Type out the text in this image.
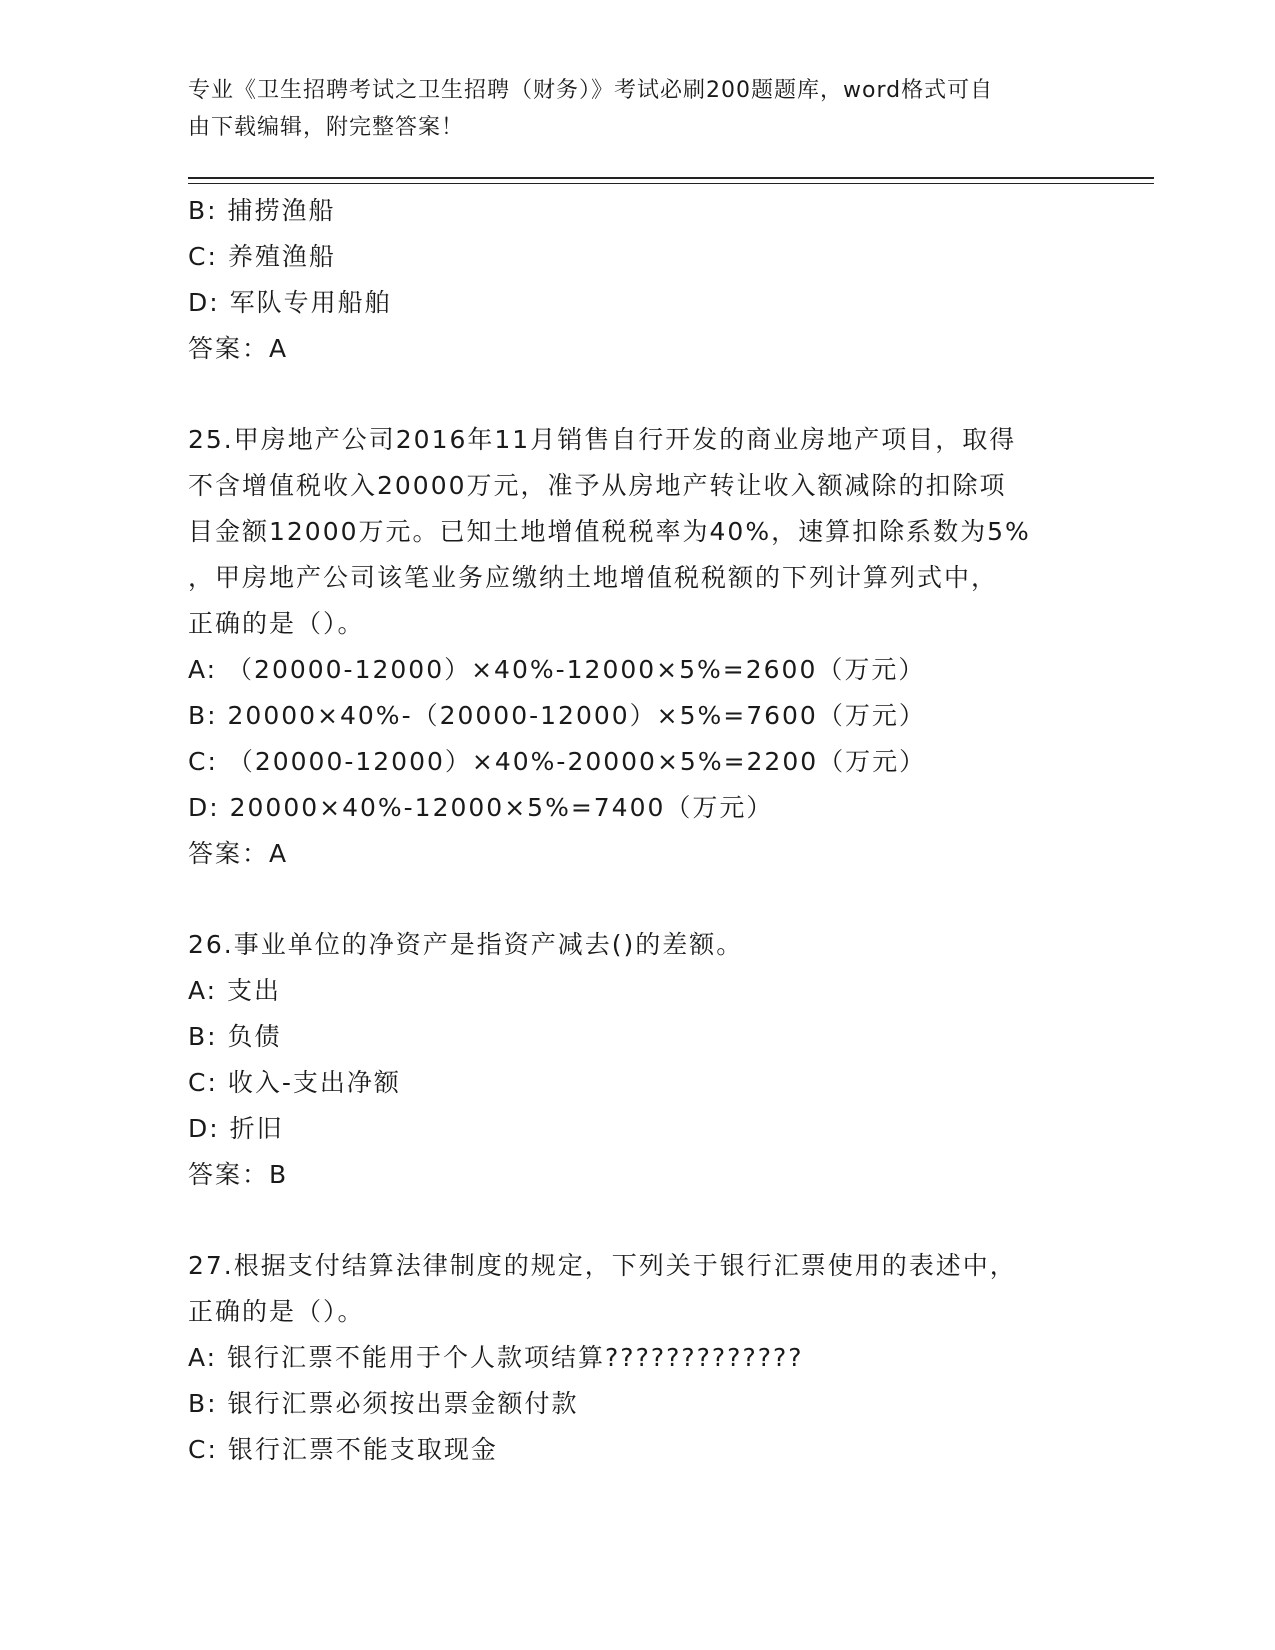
专业《卫生招聘考试之卫生招聘（财务）》考试必刷200题题库，word格式可自
由下载编辑，附完整答案！
B: 捕捞渔船
C: 养殖渔船
D: 军队专用船舶
答案：A
25.甲房地产公司2016年11月销售自行开发的商业房地产项目，取得
不含增值税收入20000万元，准予从房地产转让收入额减除的扣除项
目金额12000万元。已知土地增值税税率为40%，速算扣除系数为5%
，甲房地产公司该笔业务应缴纳土地增值税税额的下列计算列式中，
正确的是（）。
A: （20000-12000）×40%-12000×5%=2600（万元）
B: 20000×40%-（20000-12000）×5%=7600（万元）
C: （20000-12000）×40%-20000×5%=2200（万元）
D: 20000×40%-12000×5%=7400（万元）
答案：A
26.事业单位的净资产是指资产减去()的差额。
A: 支出
B: 负债
C: 收入-支出净额
D: 折旧
答案：B
27.根据支付结算法律制度的规定，下列关于银行汇票使用的表述中，
正确的是（）。
A: 银行汇票不能用于个人款项结算?????????????
B: 银行汇票必须按出票金额付款
C: 银行汇票不能支取现金
